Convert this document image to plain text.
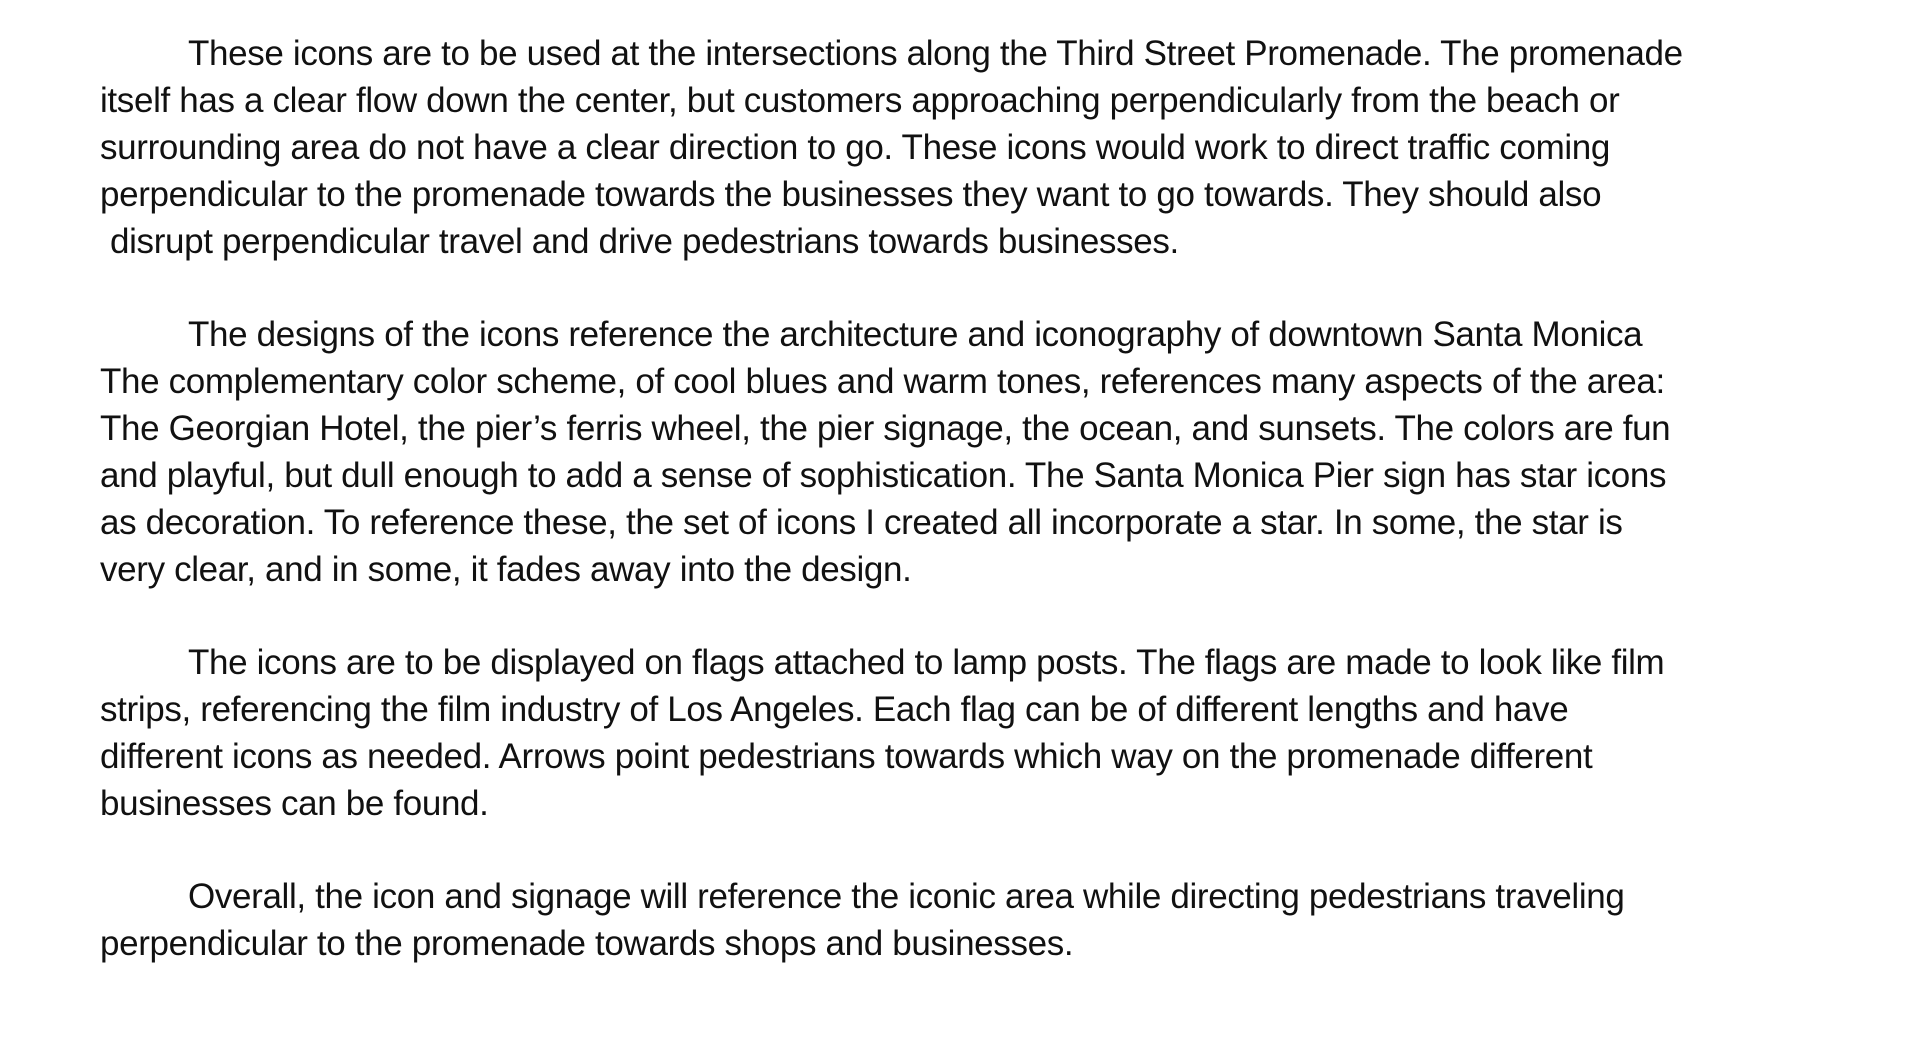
These icons are to be used at the intersections along the Third Street Promenade. The promenade
itself has a clear flow down the center, but customers approaching perpendicularly from the beach or
surrounding area do not have a clear direction to go. These icons would work to direct traffic coming
perpendicular to the promenade towards the businesses they want to go towards. They should also
disrupt perpendicular travel and drive pedestrians towards businesses.

The designs of the icons reference the architecture and iconography of downtown Santa Monica
The complementary color scheme, of cool blues and warm tones, references many aspects of the area:
The Georgian Hotel, the pier’s ferris wheel, the pier signage, the ocean, and sunsets. The colors are fun
and playful, but dull enough to add a sense of sophistication. The Santa Monica Pier sign has star icons
as decoration. To reference these, the set of icons I created all incorporate a star. In some, the star is
very clear, and in some, it fades away into the design.

The icons are to be displayed on flags attached to lamp posts. The flags are made to look like film
strips, referencing the film industry of Los Angeles. Each flag can be of different lengths and have
different icons as needed. Arrows point pedestrians towards which way on the promenade different
businesses can be found.

Overall, the icon and signage will reference the iconic area while directing pedestrians traveling
perpendicular to the promenade towards shops and businesses.
